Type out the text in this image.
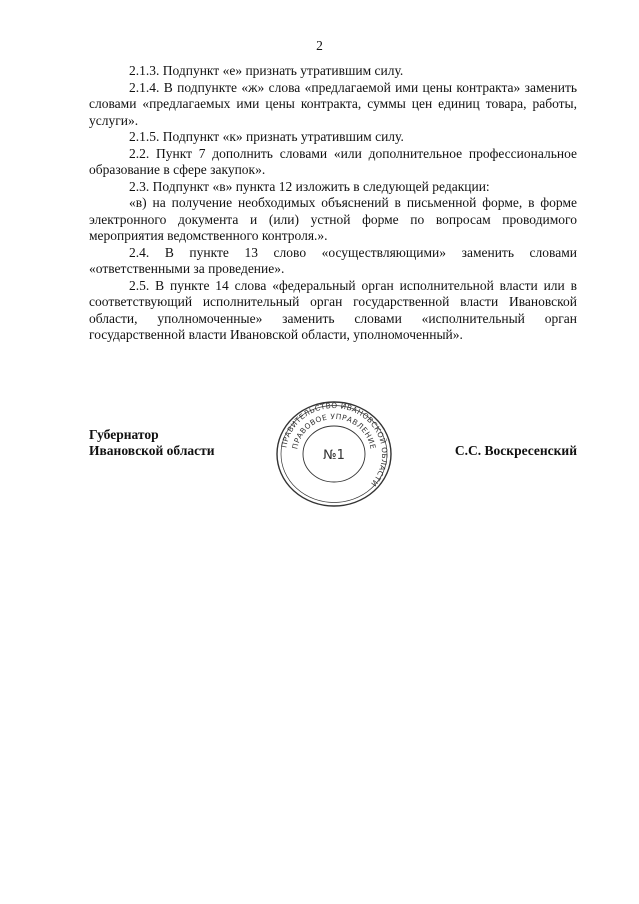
2

2.1.3. Подпункт «е» признать утратившим силу.

2.1.4. В подпункте «ж» слова «предлагаемой ими цены контракта» заменить словами «предлагаемых ими цены контракта, суммы цен единиц товара, работы, услуги».

2.1.5. Подпункт «к» признать утратившим силу.

2.2. Пункт 7 дополнить словами «или дополнительное профессиональное образование в сфере закупок».

2.3. Подпункт «в» пункта 12 изложить в следующей редакции:

«в) на получение необходимых объяснений в письменной форме, в форме электронного документа и (или) устной форме по вопросам проводимого мероприятия ведомственного контроля.».

2.4. В пункте 13 слово «осуществляющими» заменить словами «ответственными за проведение».

2.5. В пункте 14 слова «федеральный орган исполнительной власти или в соответствующий исполнительный орган государственной власти Ивановской области, уполномоченные» заменить словами «исполнительный орган государственной власти Ивановской области, уполномоченный».

Губернатор
Ивановской области	С.С. Воскресенский
ПРАВИТЕЛЬСТВО ИВАНОВСКОЙ ОБЛАСТИ
ПРАВОВОЕ УПРАВЛЕНИЕ
№1
